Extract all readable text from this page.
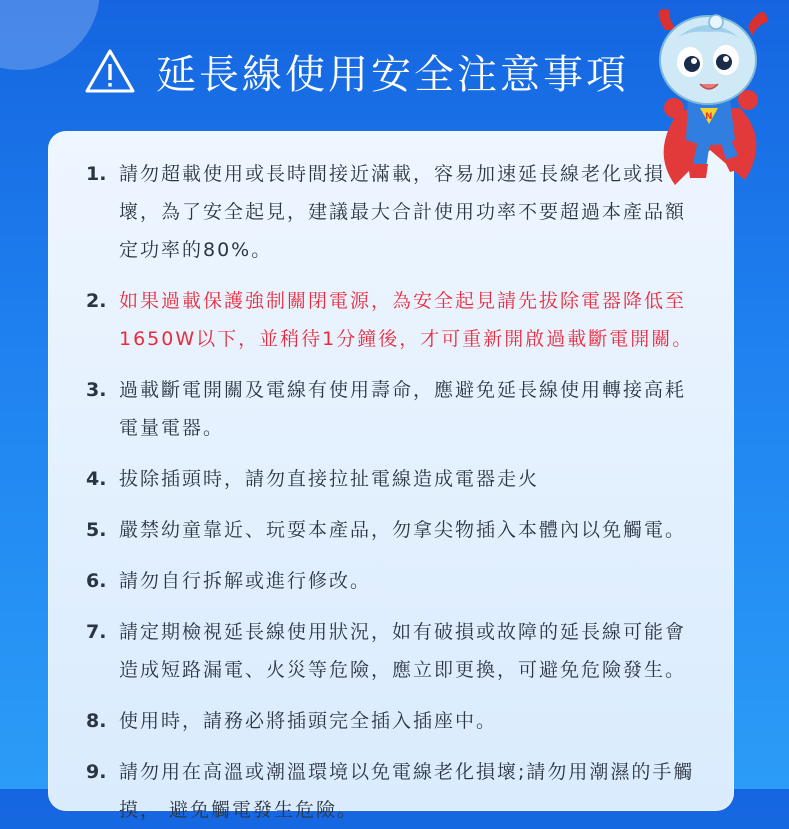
延長線使用安全注意事項
1. 請勿超載使用或長時間接近滿載，容易加速延長線老化或損
壞，為了安全起見，建議最大合計使用功率不要超過本產品額
定功率的80%。
2. 如果過載保護強制關閉電源，為安全起見請先拔除電器降低至
1650W以下，並稍待1分鐘後，才可重新開啟過載斷電開關。
3. 過載斷電開關及電線有使用壽命，應避免延長線使用轉接高耗
電量電器。
4. 拔除插頭時，請勿直接拉扯電線造成電器走火
5. 嚴禁幼童靠近、玩耍本產品，勿拿尖物插入本體內以免觸電。
6. 請勿自行拆解或進行修改。
7. 請定期檢視延長線使用狀況，如有破損或故障的延長線可能會
造成短路漏電、火災等危險，應立即更換，可避免危險發生。
8. 使用時，請務必將插頭完全插入插座中。
9. 請勿用在高溫或潮溫環境以免電線老化損壞;請勿用潮濕的手觸
摸， 避免觸電發生危險。
N
